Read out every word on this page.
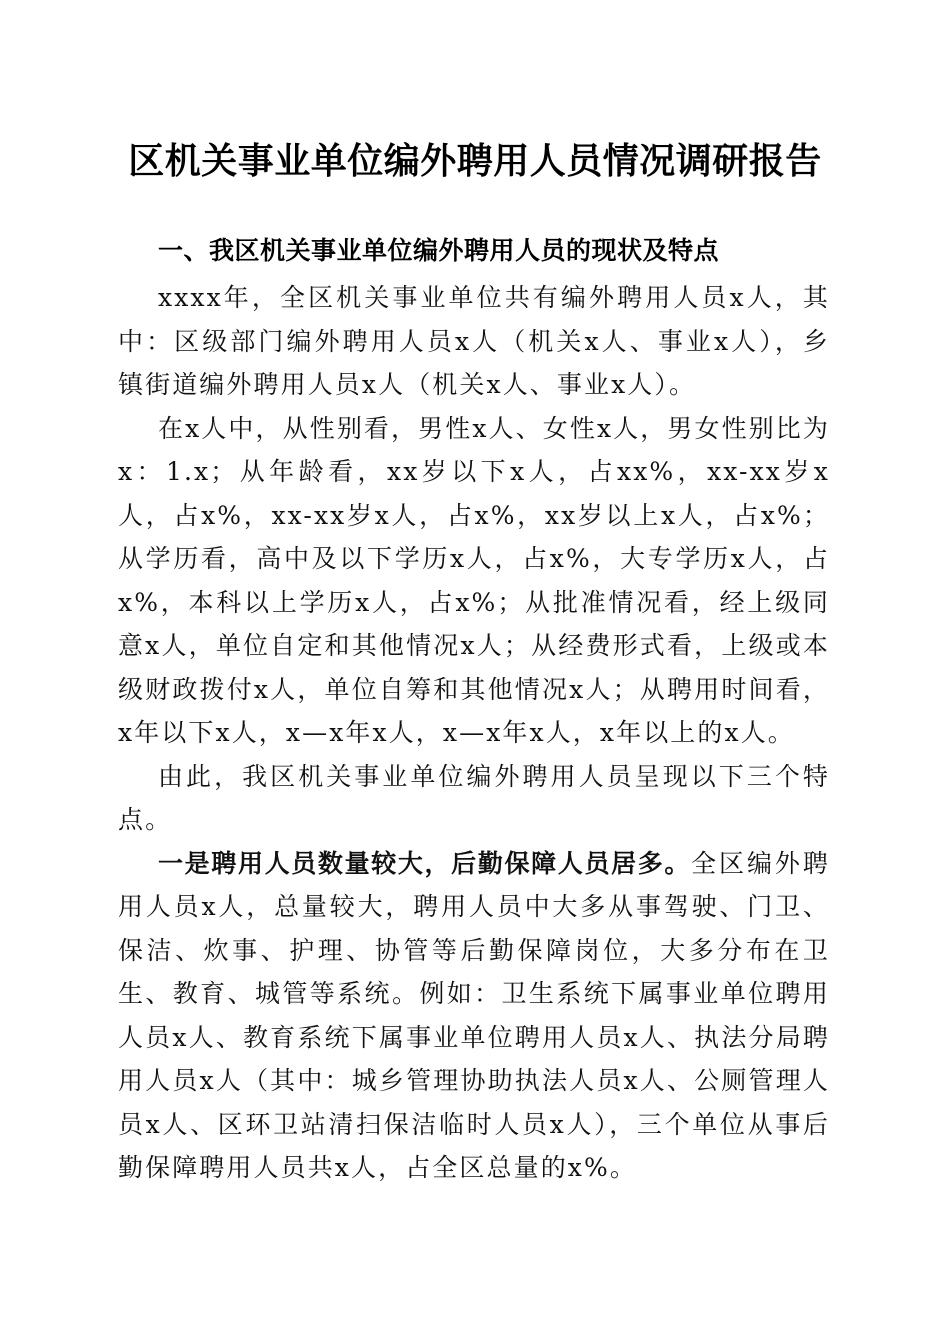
区机关事业单位编外聘用人员情况调研报告

一、我区机关事业单位编外聘用人员的现状及特点

xxxx年，全区机关事业单位共有编外聘用人员x人，其中：区级部门编外聘用人员x人（机关x人、事业x人），乡镇街道编外聘用人员x人（机关x人、事业x人）。

在x人中，从性别看，男性x人、女性x人，男女性别比为x：1.x；从年龄看，xx岁以下x人，占xx%，xx-xx岁x人，占x%，xx-xx岁x人，占x%，xx岁以上x人，占x%；从学历看，高中及以下学历x人，占x%，大专学历x人，占x%，本科以上学历x人，占x%；从批准情况看，经上级同意x人，单位自定和其他情况x人；从经费形式看，上级或本级财政拨付x人，单位自筹和其他情况x人；从聘用时间看，x年以下x人，x—x年x人，x—x年x人，x年以上的x人。

由此，我区机关事业单位编外聘用人员呈现以下三个特点。

一是聘用人员数量较大，后勤保障人员居多。全区编外聘用人员x人，总量较大，聘用人员中大多从事驾驶、门卫、保洁、炊事、护理、协管等后勤保障岗位，大多分布在卫生、教育、城管等系统。例如：卫生系统下属事业单位聘用人员x人、教育系统下属事业单位聘用人员x人、执法分局聘用人员x人（其中：城乡管理协助执法人员x人、公厕管理人员x人、区环卫站清扫保洁临时人员x人），三个单位从事后勤保障聘用人员共x人，占全区总量的x%。
